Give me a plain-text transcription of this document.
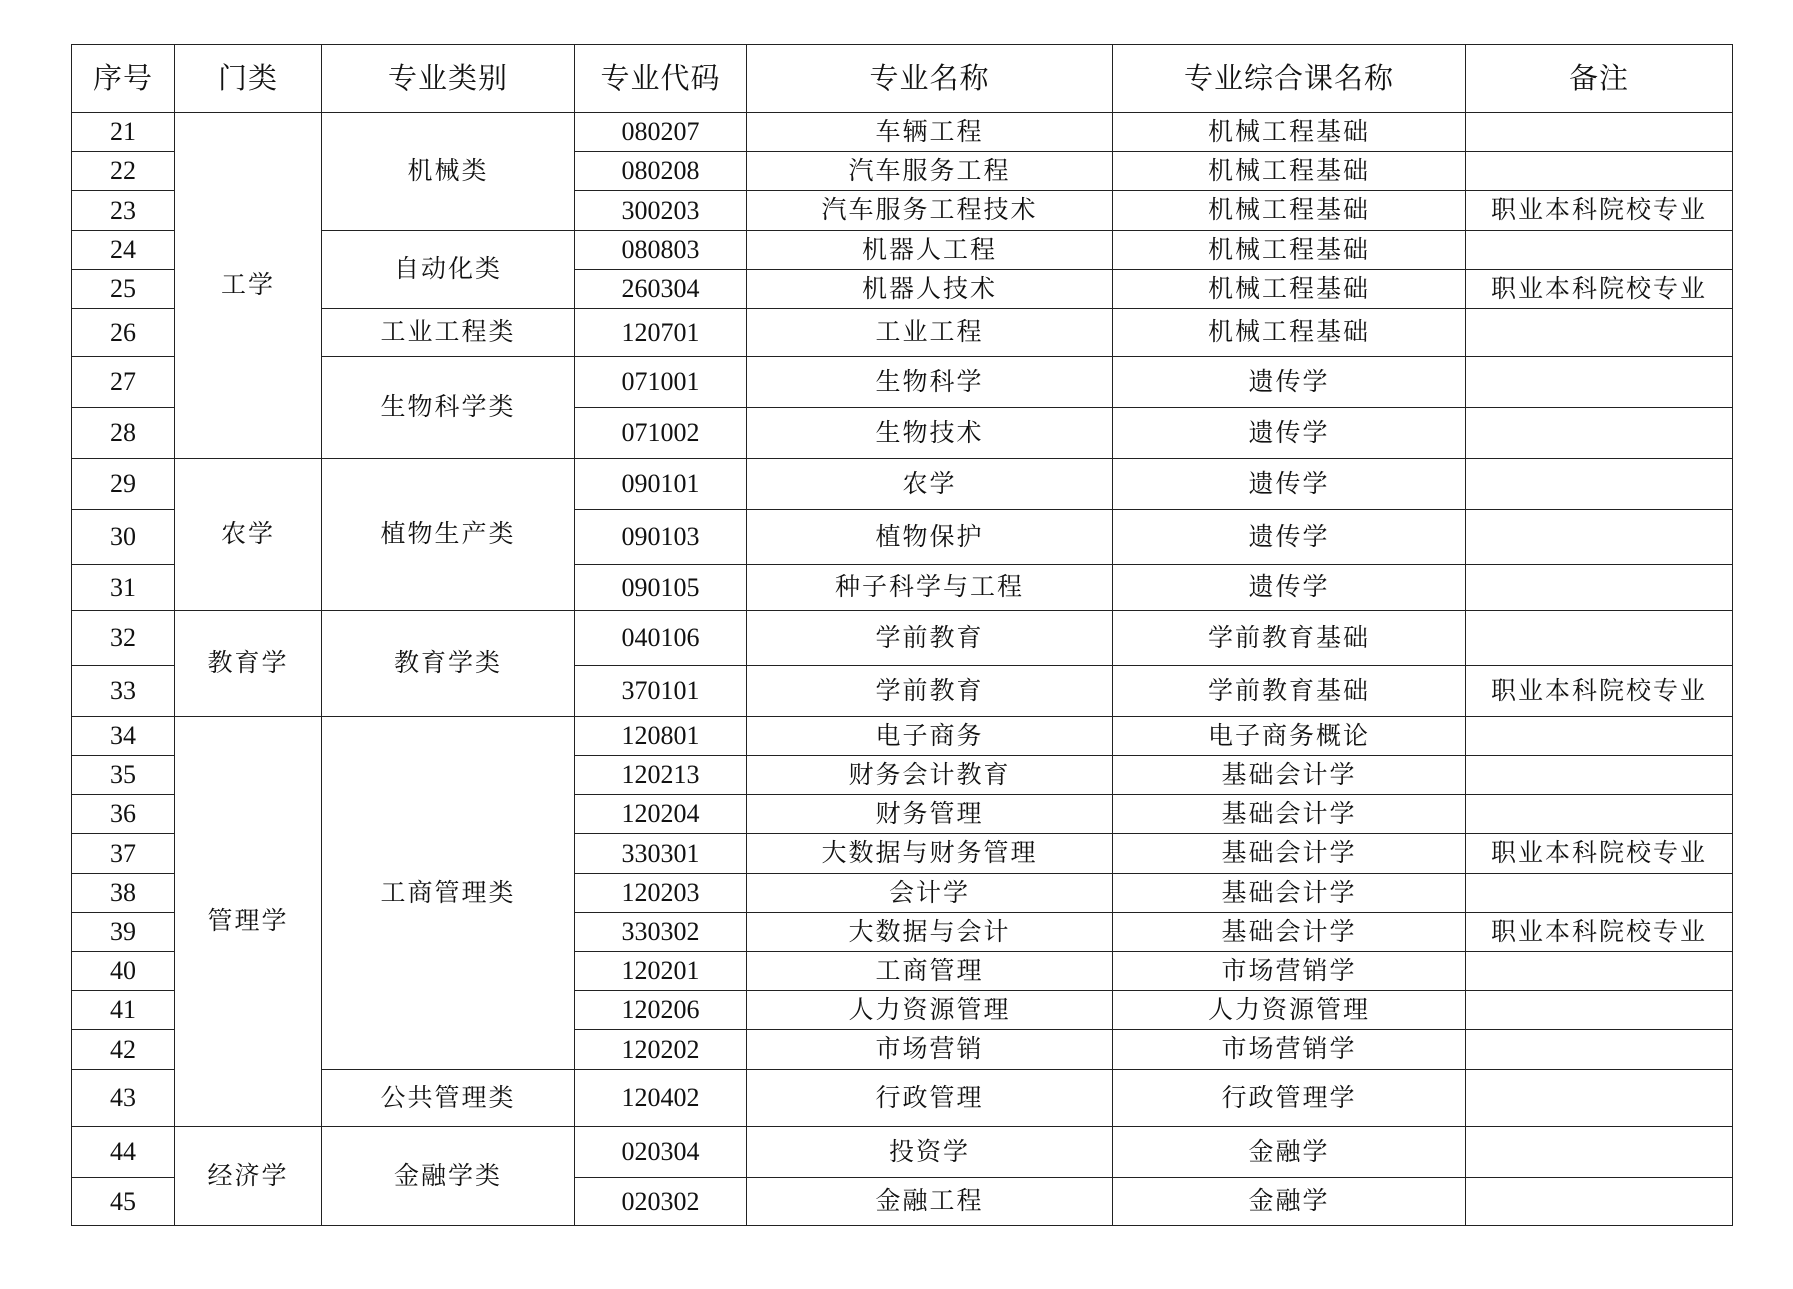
序号	门类	专业类别	专业代码	专业名称	专业综合课名称	备注
21	工学	机械类	080207	车辆工程	机械工程基础	
22			080208	汽车服务工程	机械工程基础	
23			300203	汽车服务工程技术	机械工程基础	职业本科院校专业
24		自动化类	080803	机器人工程	机械工程基础	
25			260304	机器人技术	机械工程基础	职业本科院校专业
26		工业工程类	120701	工业工程	机械工程基础	
27		生物科学类	071001	生物科学	遗传学	
28			071002	生物技术	遗传学	
29	农学	植物生产类	090101	农学	遗传学	
30			090103	植物保护	遗传学	
31			090105	种子科学与工程	遗传学	
32	教育学	教育学类	040106	学前教育	学前教育基础	
33			370101	学前教育	学前教育基础	职业本科院校专业
34	管理学	工商管理类	120801	电子商务	电子商务概论	
35			120213	财务会计教育	基础会计学	
36			120204	财务管理	基础会计学	
37			330301	大数据与财务管理	基础会计学	职业本科院校专业
38			120203	会计学	基础会计学	
39			330302	大数据与会计	基础会计学	职业本科院校专业
40			120201	工商管理	市场营销学	
41			120206	人力资源管理	人力资源管理	
42			120202	市场营销	市场营销学	
43		公共管理类	120402	行政管理	行政管理学	
44	经济学	金融学类	020304	投资学	金融学	
45			020302	金融工程	金融学	
